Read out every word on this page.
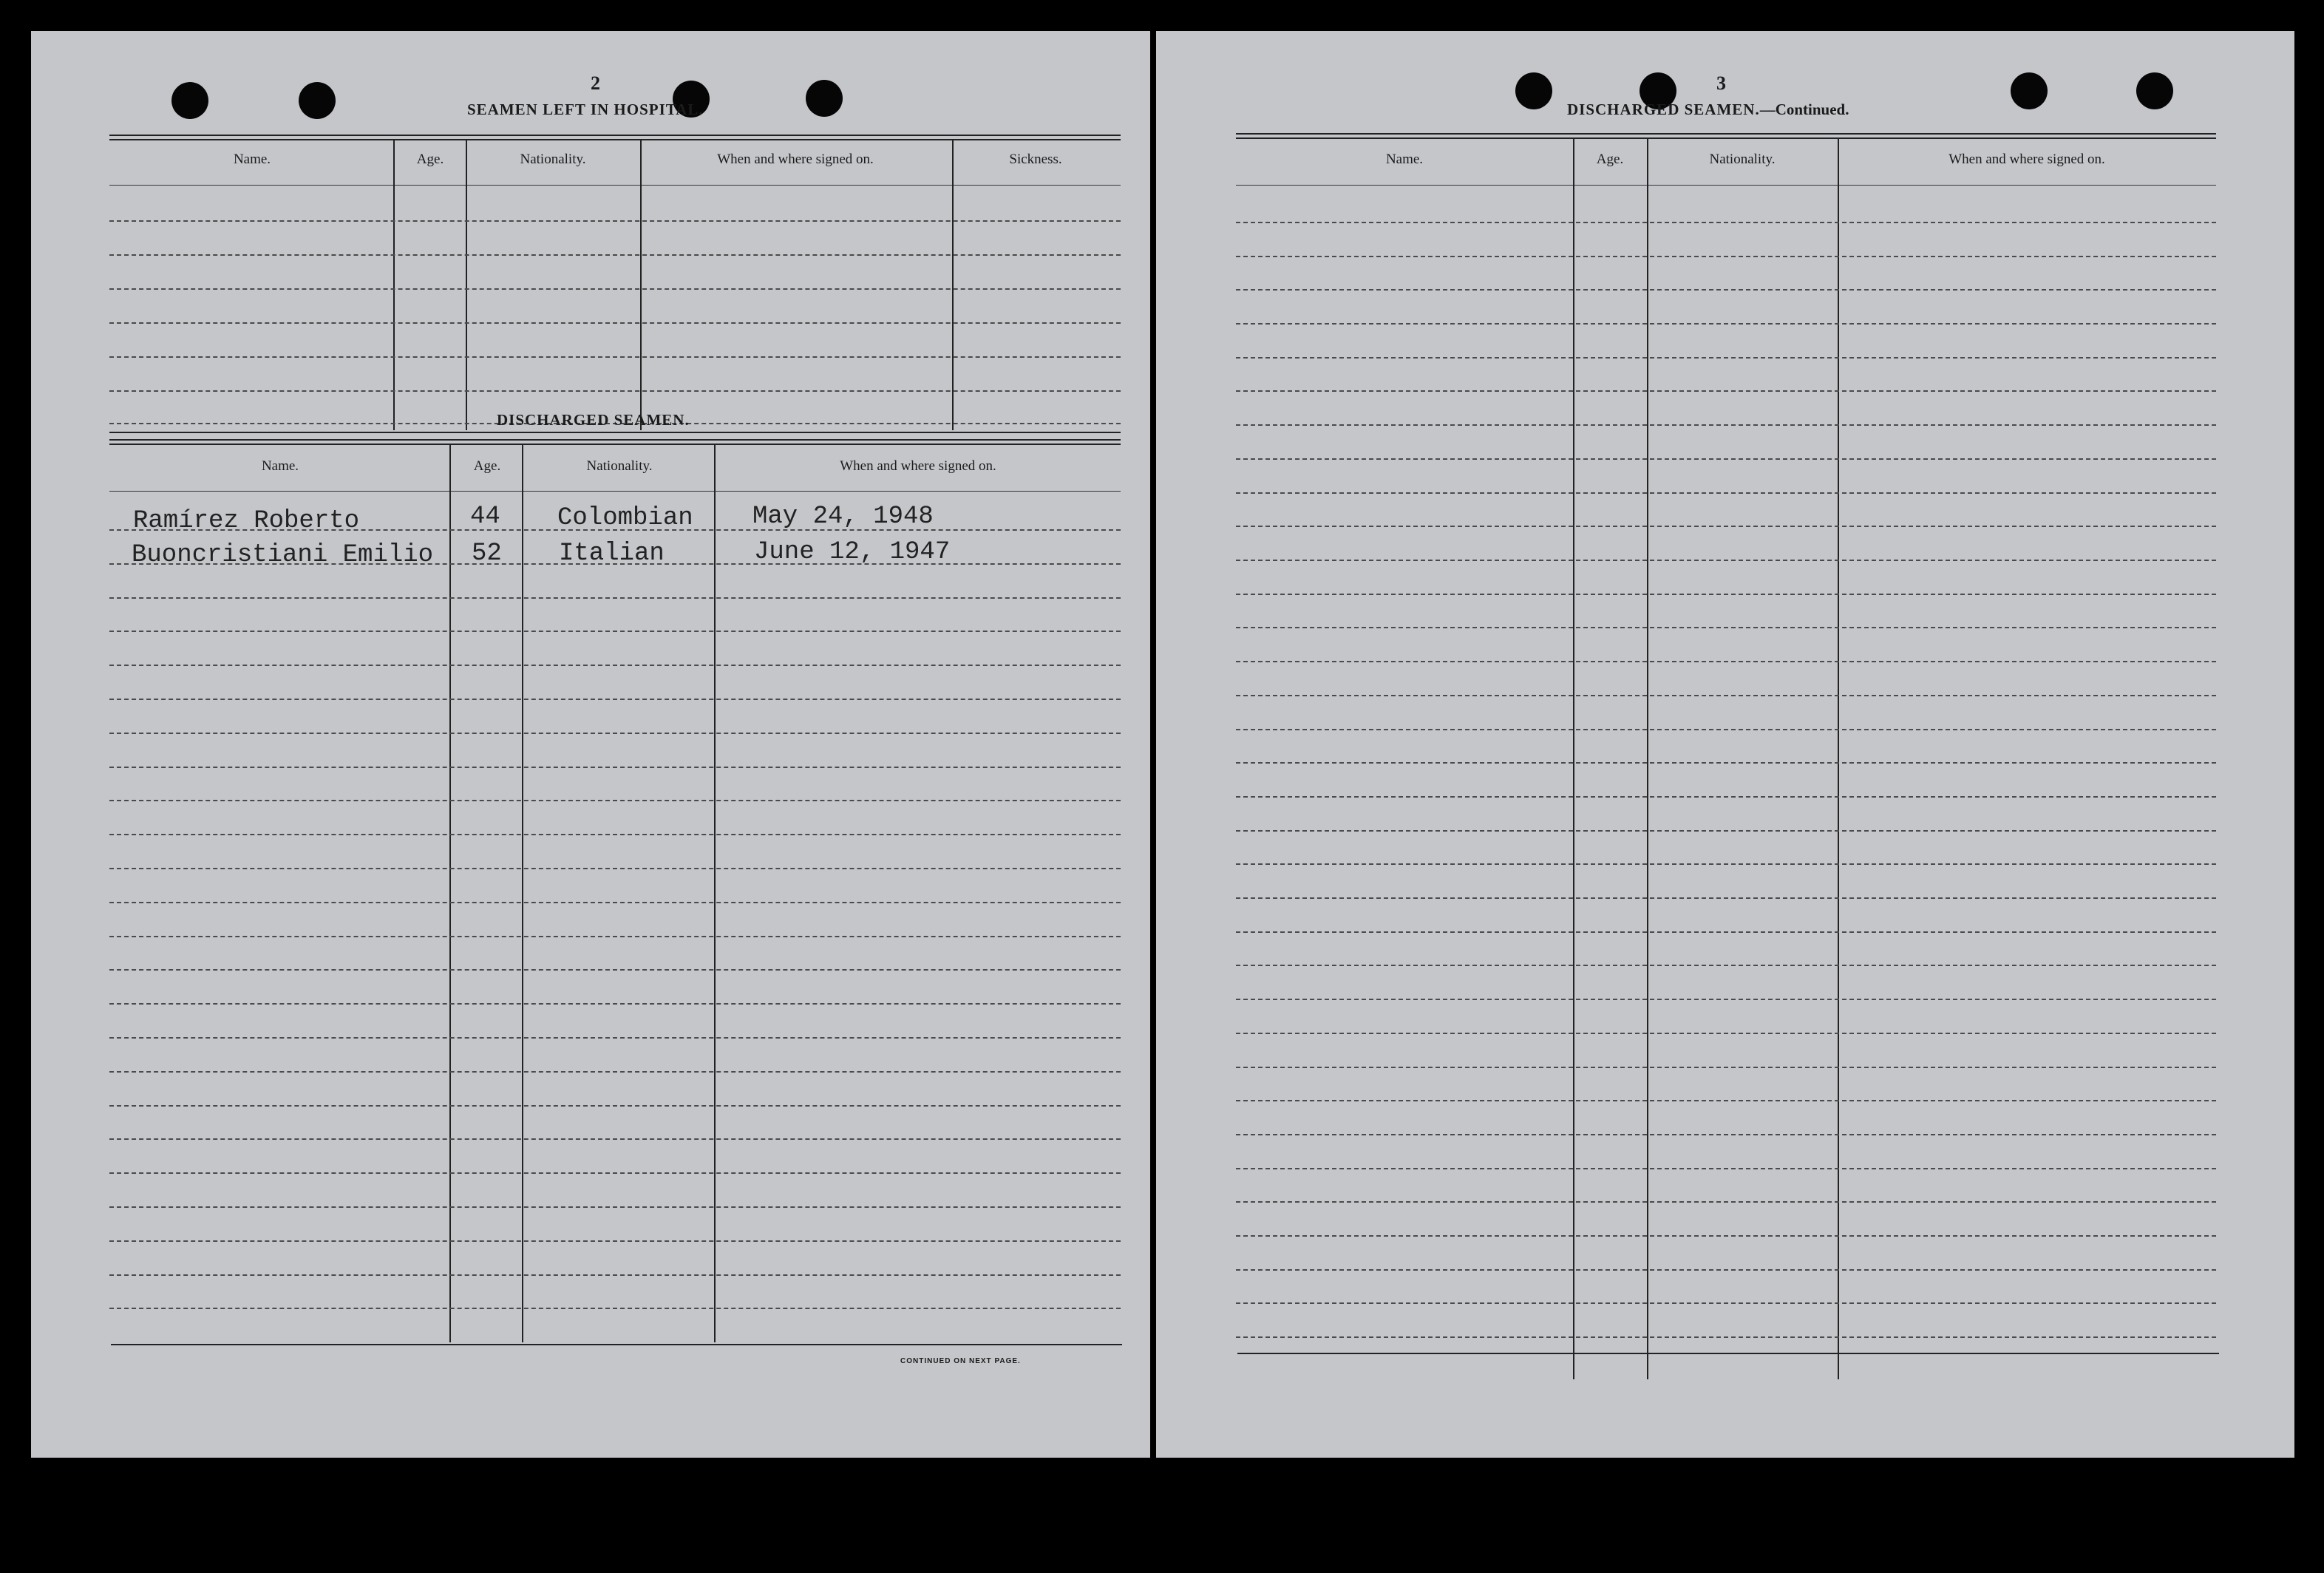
2
SEAMEN LEFT IN HOSPITAL.
Name.	Age.	Nationality.	When and where signed on.	Sickness.
DISCHARGED SEAMEN.
Name.	Age.	Nationality.	When and where signed on.
CONTINUED ON NEXT PAGE.
Ramírez Roberto	44 Colombian May 24, 1948
Buoncristiani Emilio 52 Italian	June 12, 1947
3
DISCHARGED SEAMEN.—Continued.
Name.	Age.	Nationality.	When and where signed on.
